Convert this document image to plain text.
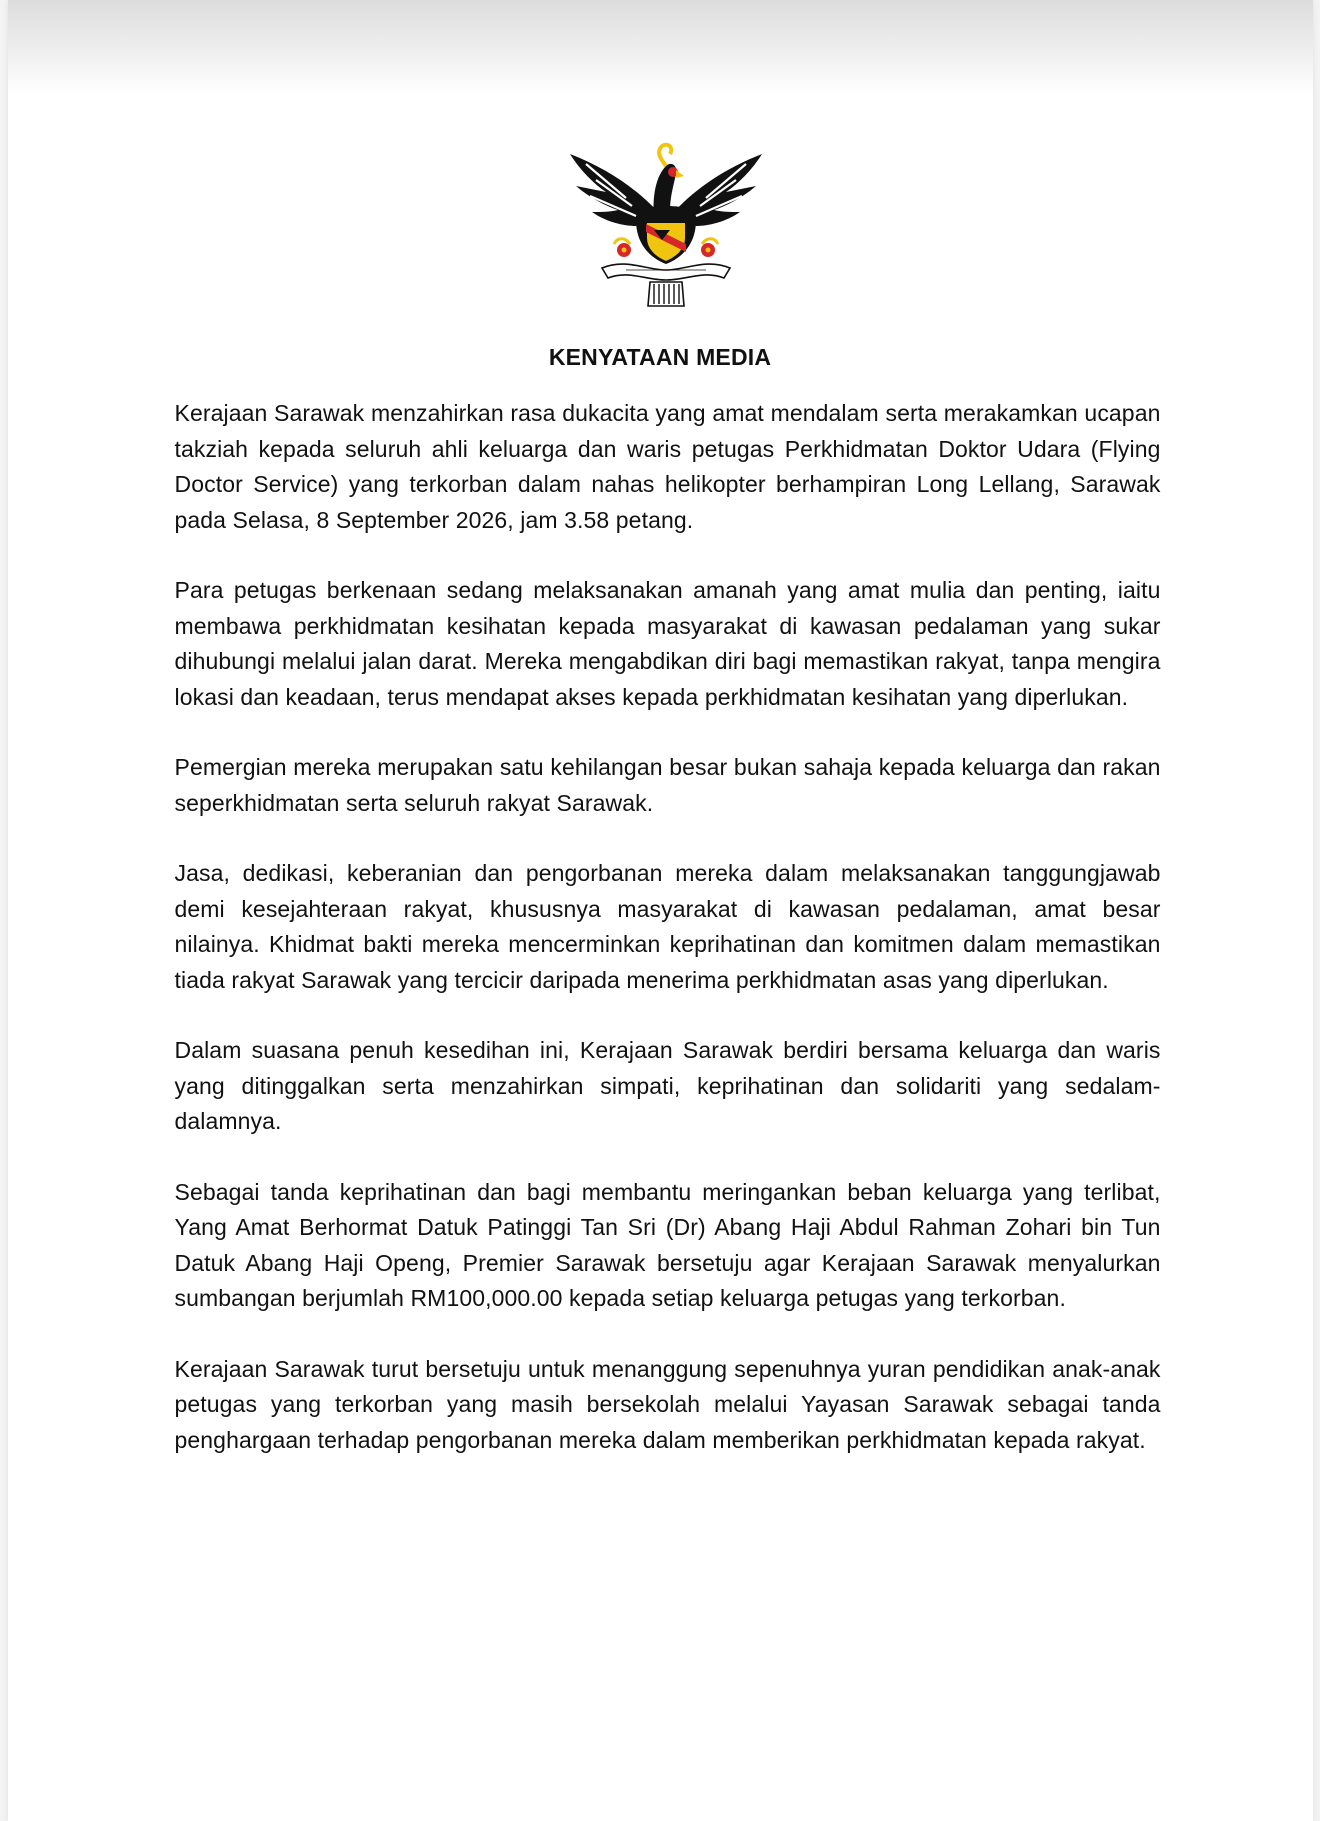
KENYATAAN MEDIA

Kerajaan Sarawak menzahirkan rasa dukacita yang amat mendalam serta merakamkan ucapan takziah kepada seluruh ahli keluarga dan waris petugas Perkhidmatan Doktor Udara (Flying Doctor Service) yang terkorban dalam nahas helikopter berhampiran Long Lellang, Sarawak pada Selasa, 8 September 2026, jam 3.58 petang.

Para petugas berkenaan sedang melaksanakan amanah yang amat mulia dan penting, iaitu membawa perkhidmatan kesihatan kepada masyarakat di kawasan pedalaman yang sukar dihubungi melalui jalan darat. Mereka mengabdikan diri bagi memastikan rakyat, tanpa mengira lokasi dan keadaan, terus mendapat akses kepada perkhidmatan kesihatan yang diperlukan.

Pemergian mereka merupakan satu kehilangan besar bukan sahaja kepada keluarga dan rakan seperkhidmatan serta seluruh rakyat Sarawak.

Jasa, dedikasi, keberanian dan pengorbanan mereka dalam melaksanakan tanggungjawab demi kesejahteraan rakyat, khususnya masyarakat di kawasan pedalaman, amat besar nilainya. Khidmat bakti mereka mencerminkan keprihatinan dan komitmen dalam memastikan tiada rakyat Sarawak yang tercicir daripada menerima perkhidmatan asas yang diperlukan.

Dalam suasana penuh kesedihan ini, Kerajaan Sarawak berdiri bersama keluarga dan waris yang ditinggalkan serta menzahirkan simpati, keprihatinan dan solidariti yang sedalam-dalamnya.

Sebagai tanda keprihatinan dan bagi membantu meringankan beban keluarga yang terlibat, Yang Amat Berhormat Datuk Patinggi Tan Sri (Dr) Abang Haji Abdul Rahman Zohari bin Tun Datuk Abang Haji Openg, Premier Sarawak bersetuju agar Kerajaan Sarawak menyalurkan sumbangan berjumlah RM100,000.00 kepada setiap keluarga petugas yang terkorban.

Kerajaan Sarawak turut bersetuju untuk menanggung sepenuhnya yuran pendidikan anak-anak petugas yang terkorban yang masih bersekolah melalui Yayasan Sarawak sebagai tanda penghargaan terhadap pengorbanan mereka dalam memberikan perkhidmatan kepada rakyat.
